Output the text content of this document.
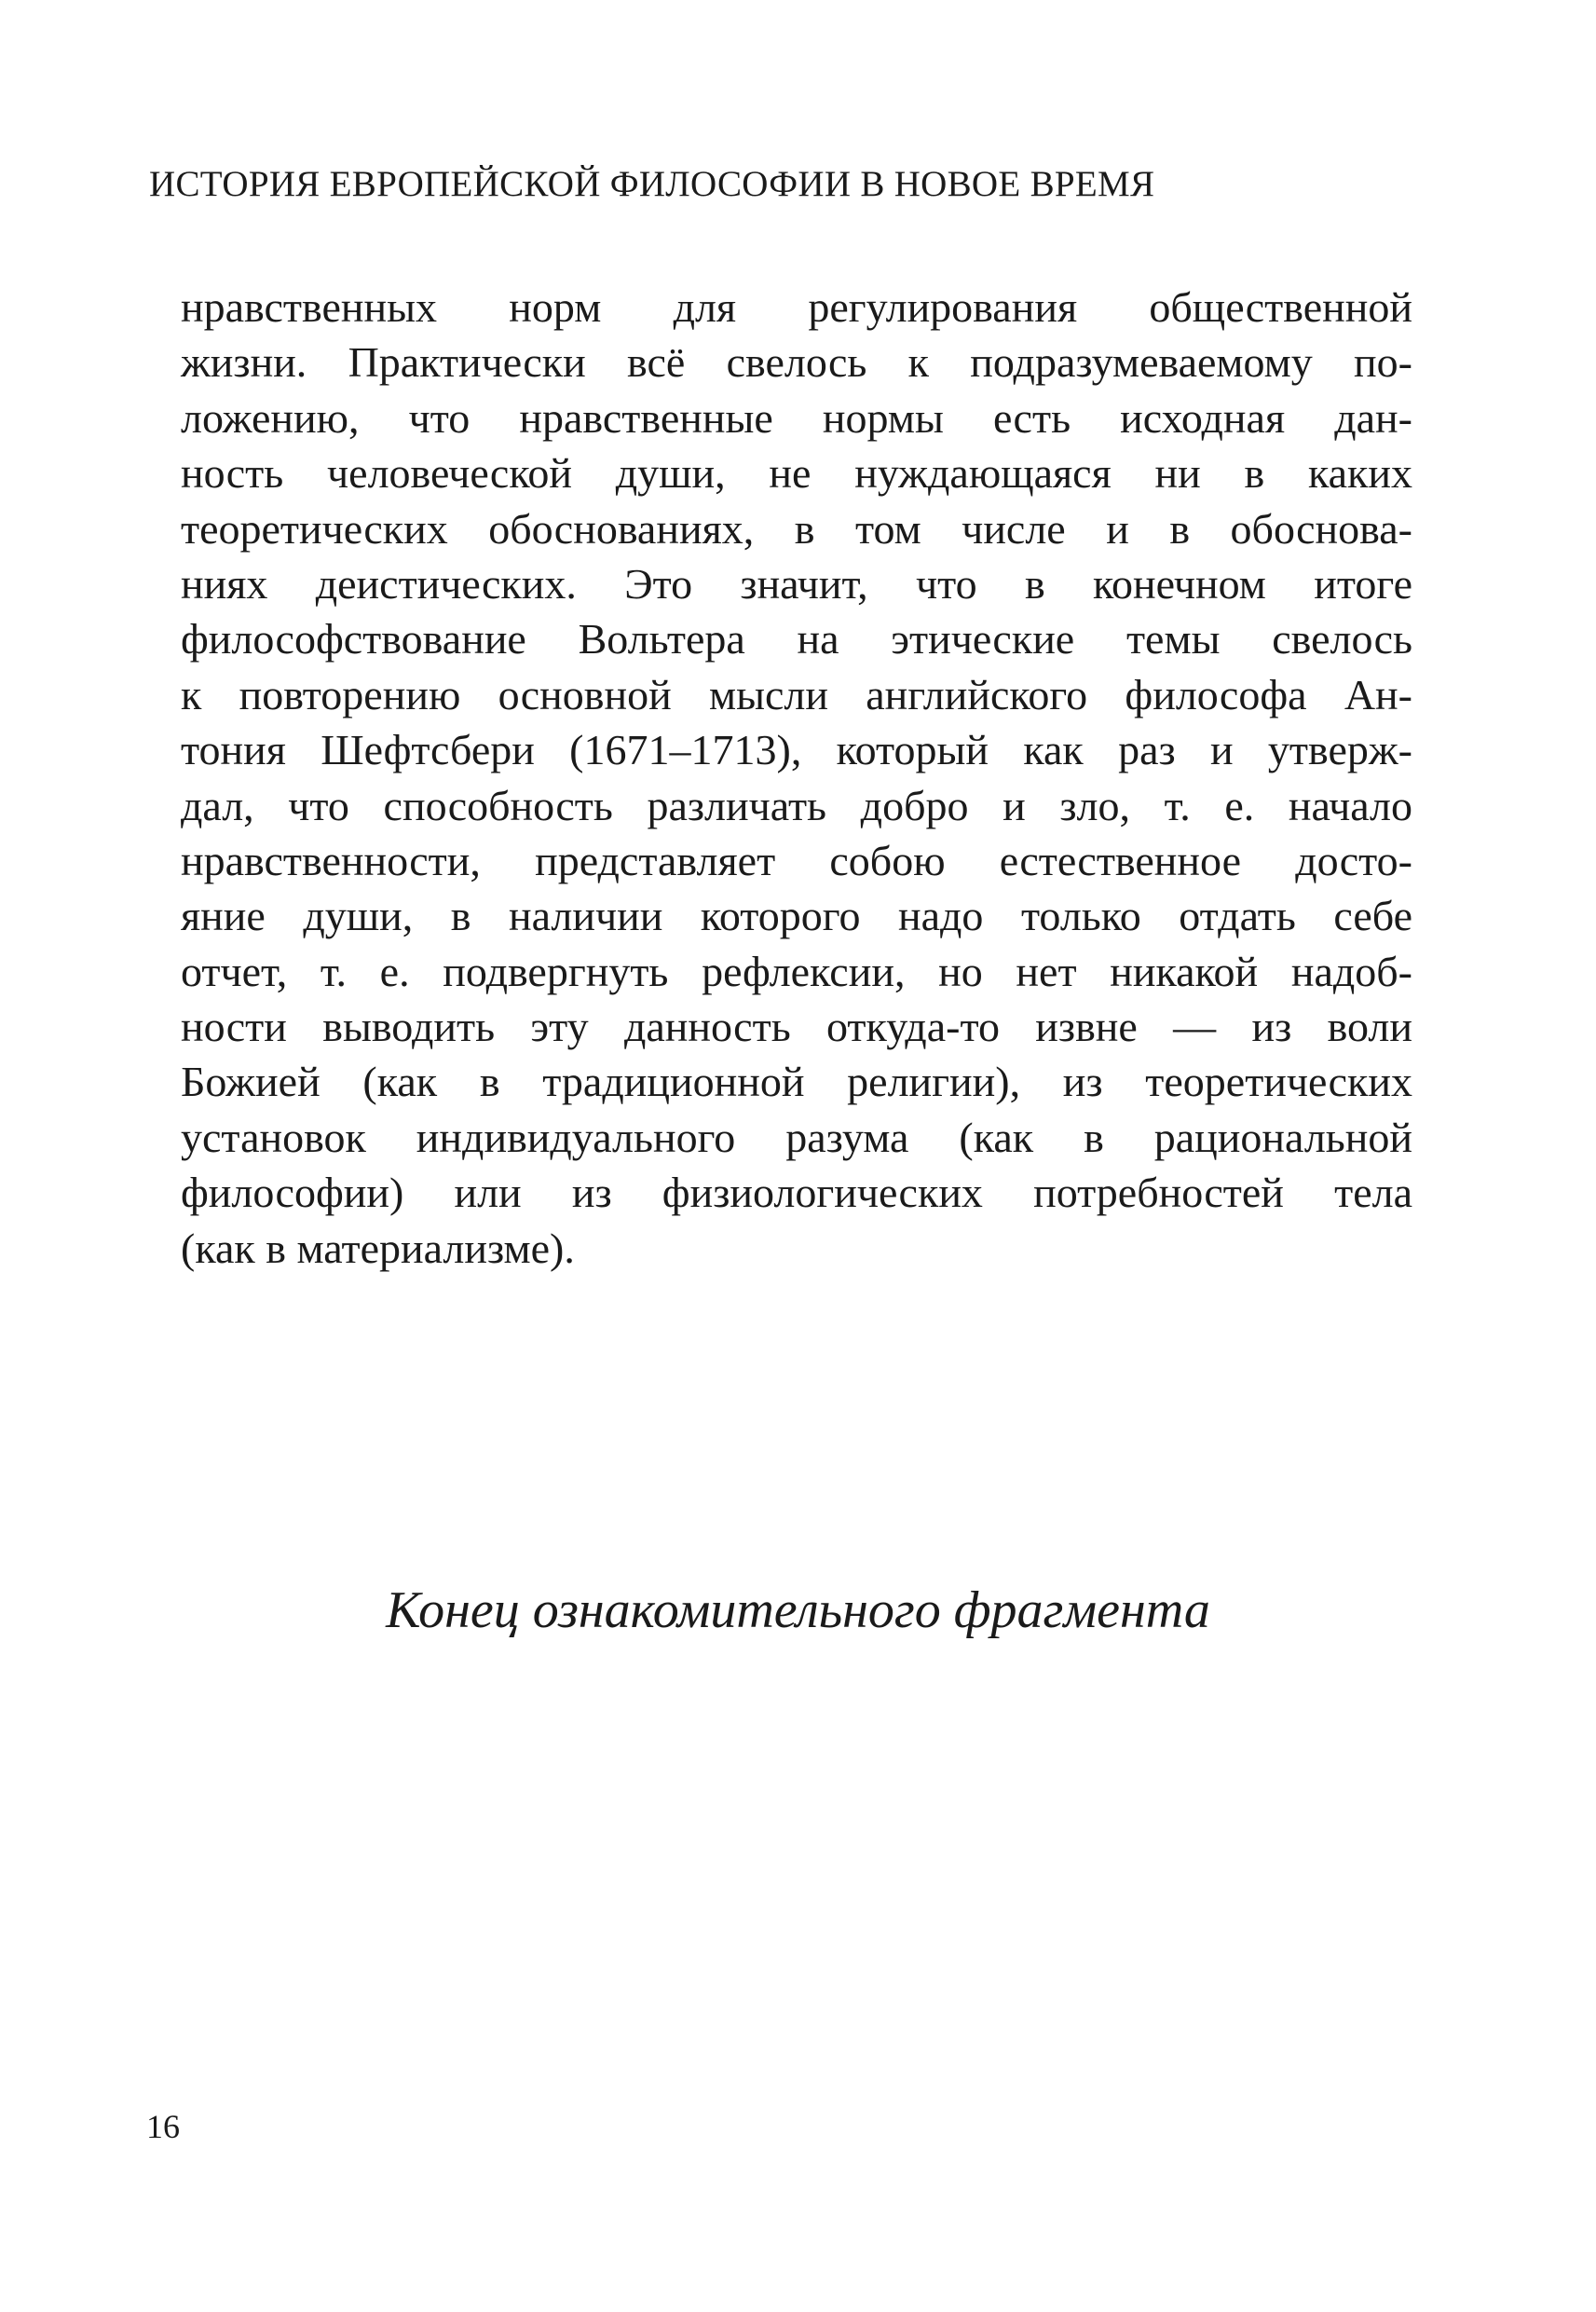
ИСТОРИЯ ЕВРОПЕЙСКОЙ ФИЛОСОФИИ В НОВОЕ ВРЕМЯ
нравственных норм для регулирования общественной
жизни. Практически всё свелось к подразумеваемому по-
ложению, что нравственные нормы есть исходная дан-
ность человеческой души, не нуждающаяся ни в каких
теоретических обоснованиях, в том числе и в обоснова-
ниях деистических. Это значит, что в конечном итоге
философствование Вольтера на этические темы свелось
к повторению основной мысли английского философа Ан-
тония Шефтсбери (1671–1713), который как раз и утверж-
дал, что способность различать добро и зло, т. е. начало
нравственности, представляет собою естественное досто-
яние души, в наличии которого надо только отдать себе
отчет, т. е. подвергнуть рефлексии, но нет никакой надоб-
ности выводить эту данность откуда-то извне — из воли
Божией (как в традиционной религии), из теоретических
установок индивидуального разума (как в рациональной
философии) или из физиологических потребностей тела
(как в материализме).
Конец ознакомительного фрагмента
16
